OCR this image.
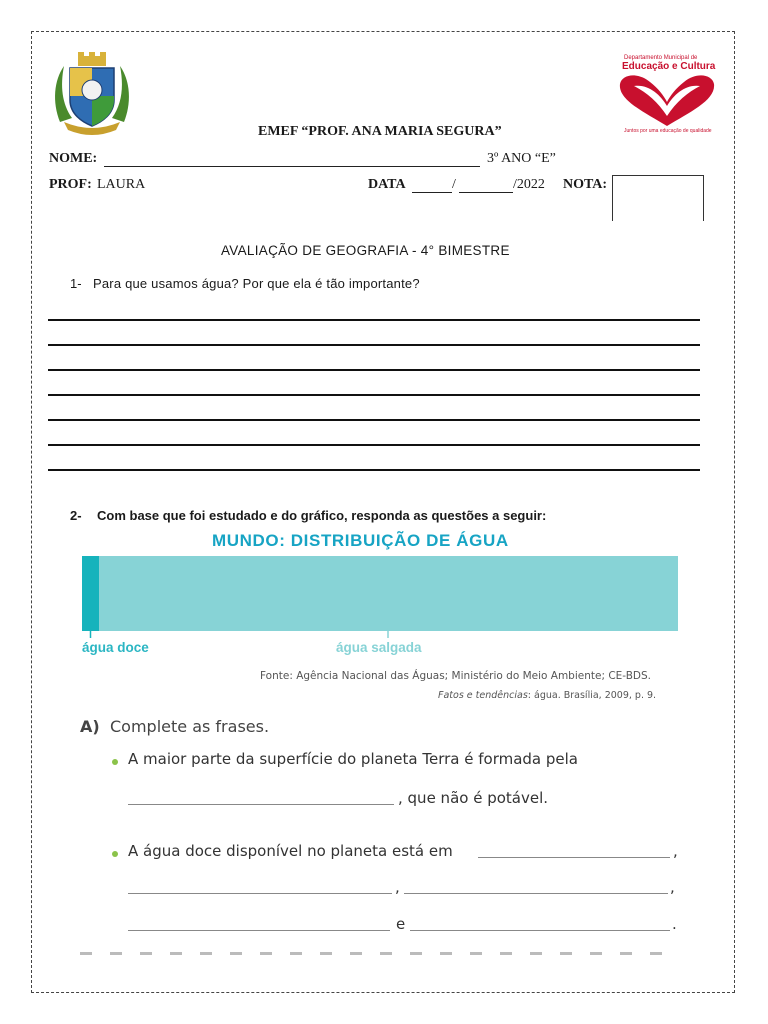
Departamento Municipal de
Educação e Cultura
Juntos por uma educação de qualidade
EMEF “PROF. ANA MARIA SEGURA”
NOME:	3º ANO “E”
PROF: LAURA	DATA	/	/2022 NOTA:
AVALIAÇÃO DE GEOGRAFIA - 4° BIMESTRE
1- Para que usamos água? Por que ela é tão importante?
2- Com base que foi estudado e do gráfico, responda as questões a seguir:
MUNDO: DISTRIBUIÇÃO DE ÁGUA
água doce	água salgada
Fonte: Agência Nacional das Águas; Ministério do Meio Ambiente; CE-BDS.
Fatos e tendências: água. Brasília, 2009, p. 9.
A) Complete as frases.
A maior parte da superfície do planeta Terra é formada pela
, que não é potável.
A água doce disponível no planeta está em	,
,	,
e	.
